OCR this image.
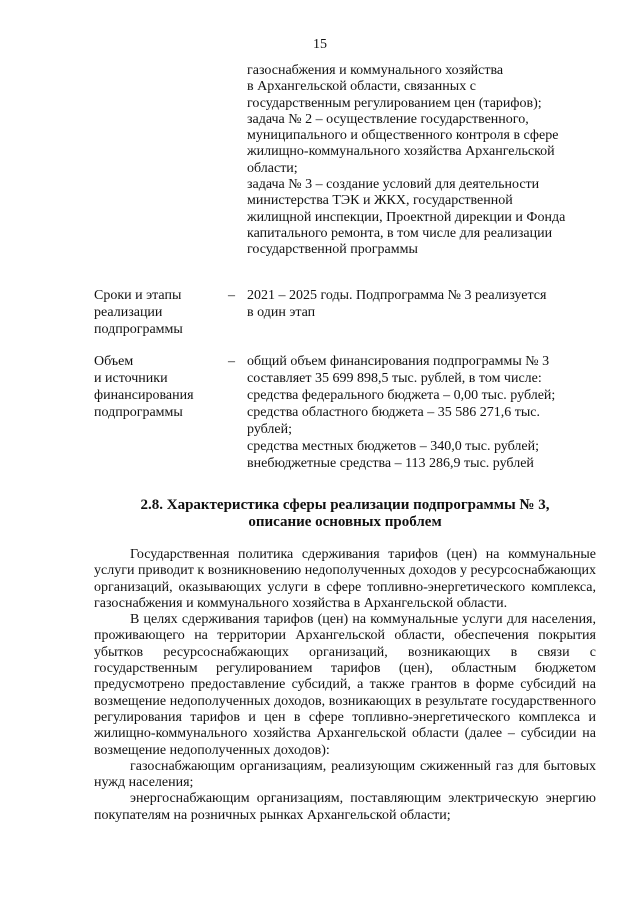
15
газоснабжения и коммунального хозяйства
в Архангельской области, связанных с
государственным регулированием цен (тарифов);
задача № 2 – осуществление государственного,
муниципального и общественного контроля в сфере
жилищно-коммунального хозяйства Архангельской
области;
задача № 3 – создание условий для деятельности
министерства ТЭК и ЖКХ, государственной
жилищной инспекции, Проектной дирекции и Фонда
капитального ремонта, в том числе для реализации
государственной программы
Сроки и этапы
реализации
подпрограммы
– 2021 – 2025 годы. Подпрограмма № 3 реализуется
в один этап
Объем
и источники
финансирования
подпрограммы
– общий объем финансирования подпрограммы № 3
составляет 35 699 898,5 тыс. рублей, в том числе:
средства федерального бюджета – 0,00 тыс. рублей;
средства областного бюджета – 35 586 271,6 тыс.
рублей;
средства местных бюджетов – 340,0 тыс. рублей;
внебюджетные средства – 113 286,9 тыс. рублей
2.8. Характеристика сферы реализации подпрограммы № 3,
описание основных проблем

Государственная политика сдерживания тарифов (цен) на коммунальные услуги приводит к возникновению недополученных доходов у ресурсоснабжающих организаций, оказывающих услуги в сфере топливно-энергетического комплекса, газоснабжения и коммунального хозяйства в Архангельской области.

В целях сдерживания тарифов (цен) на коммунальные услуги для населения, проживающего на территории Архангельской области, обеспечения покрытия убытков ресурсоснабжающих организаций, возникающих в связи с государственным регулированием тарифов (цен), областным бюджетом предусмотрено предоставление субсидий, а также грантов в форме субсидий на возмещение недополученных доходов, возникающих в результате государственного регулирования тарифов и цен в сфере топливно-энергетического комплекса и жилищно-коммунального хозяйства Архангельской области (далее – субсидии на возмещение недополученных доходов):

газоснабжающим организациям, реализующим сжиженный газ для бытовых нужд населения;

энергоснабжающим организациям, поставляющим электрическую энергию покупателям на розничных рынках Архангельской области;
